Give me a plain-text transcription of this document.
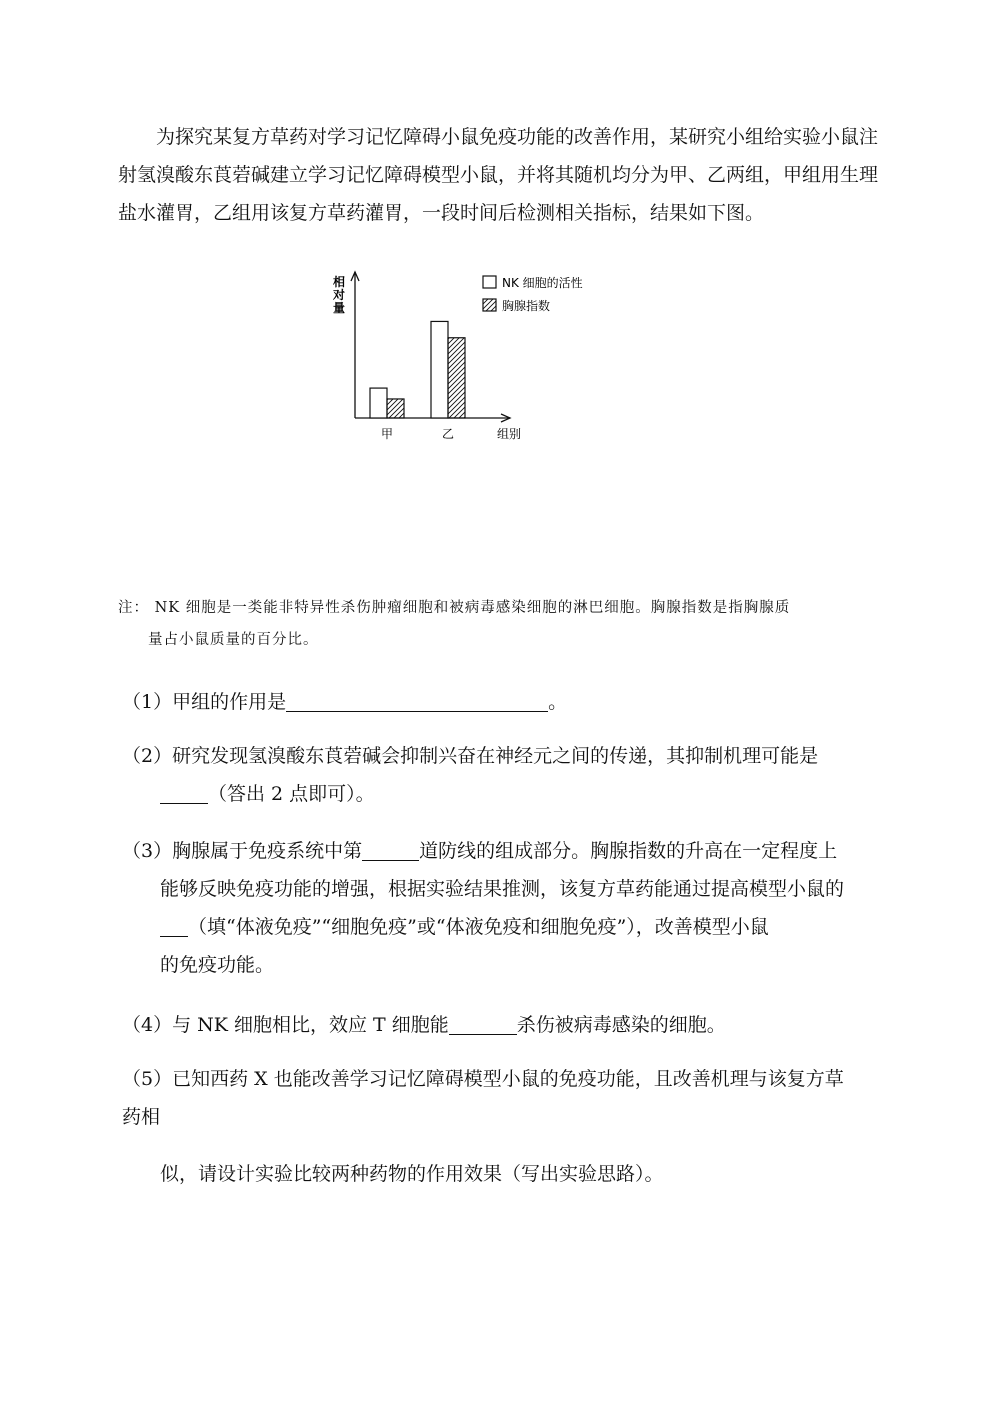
为探究某复方草药对学习记忆障碍小鼠免疫功能的改善作用，某研究小组给实验小鼠注射氢溴酸东莨菪碱建立学习记忆障碍模型小鼠，并将其随机均分为甲、乙两组，甲组用生理盐水灌胃，乙组用该复方草药灌胃，一段时间后检测相关指标，结果如下图。

相
对
量
组别
甲	乙
NK 细胞的活性
胸腺指数
注： NK 细胞是一类能非特异性杀伤肿瘤细胞和被病毒感染细胞的淋巴细胞。胸腺指数是指胸腺质
量占小鼠质量的百分比。

（1）甲组的作用是	。

（2）研究发现氢溴酸东莨菪碱会抑制兴奋在神经元之间的传递，其抑制机理可能是
（答出 2 点即可）。

（3）胸腺属于免疫系统中第	道防线的组成部分。胸腺指数的升高在一定程度上
能够反映免疫功能的增强，根据实验结果推测，该复方草药能通过提高模型小鼠的
（填“体液免疫”“细胞免疫”或“体液免疫和细胞免疫”），改善模型小鼠
的免疫功能。

（4）与 NK 细胞相比，效应 T 细胞能	杀伤被病毒感染的细胞。

（5）已知西药 X 也能改善学习记忆障碍模型小鼠的免疫功能，且改善机理与该复方草
药相

似，请设计实验比较两种药物的作用效果（写出实验思路）。
